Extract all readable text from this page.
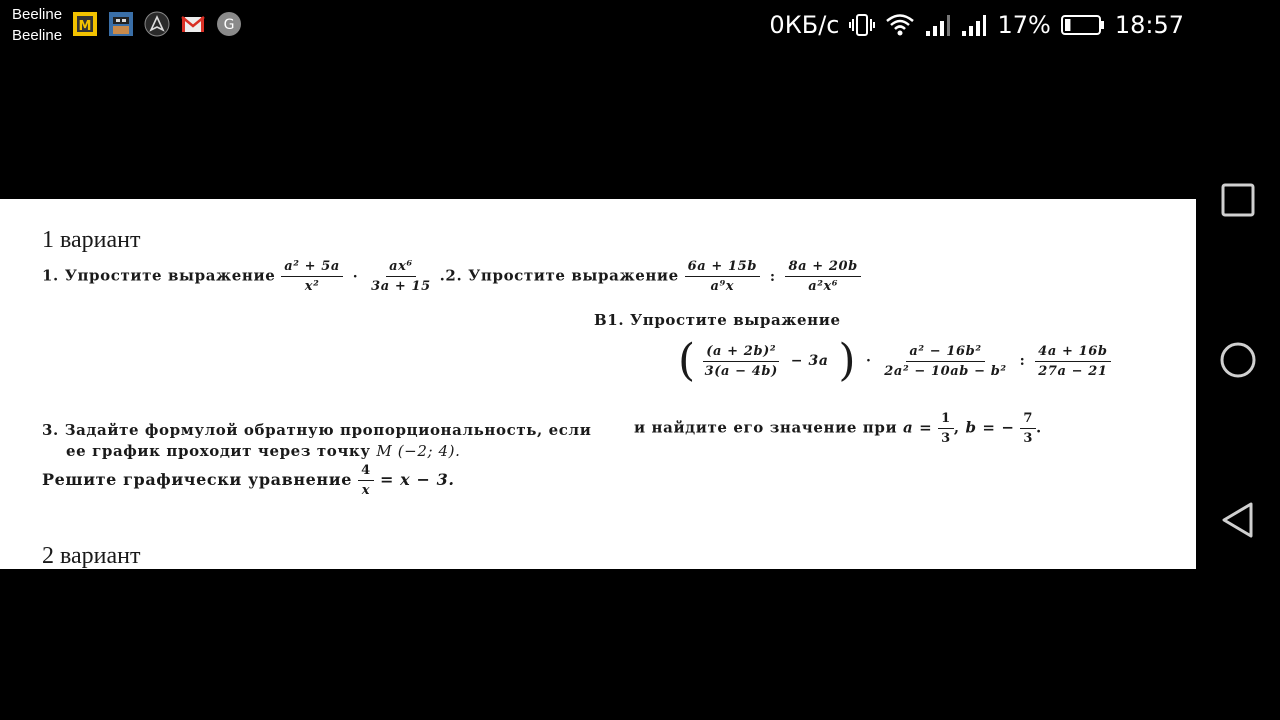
Beeline
Beeline
M	G	0КБ/с	17%	18:57
1 вариант
1. Упростите выражение $\frac{\text{a² + 5a}}{\text{x²}} \cdot \frac{\text{ax⁶}}{3a + 15} .2$. Упростите выражение $\frac{6a + 15b}{\text{a⁹x}}$ : $\frac{8a + 20b}{\text{a²x⁶}}$
В1. Упростите выражение
( $\frac{\text{(a + 2b)²}}{3(a - 4b)} - 3a$ ) · $\frac{\text{a² − 16b²}}{\text{2a² − 10ab − b²}}$ : $\frac{4a + 16b}{27a - 21}$
и найдите его значение при $a = \frac{1}{3}$ , b = − $\frac{7}{3}$ .
3. Задайте формулой обратную пропорциональность, если
ее график проходит через точку M (−2; 4).
Решите графически уравнение $\frac{4}{x} = x - 3$.
2 вариант
